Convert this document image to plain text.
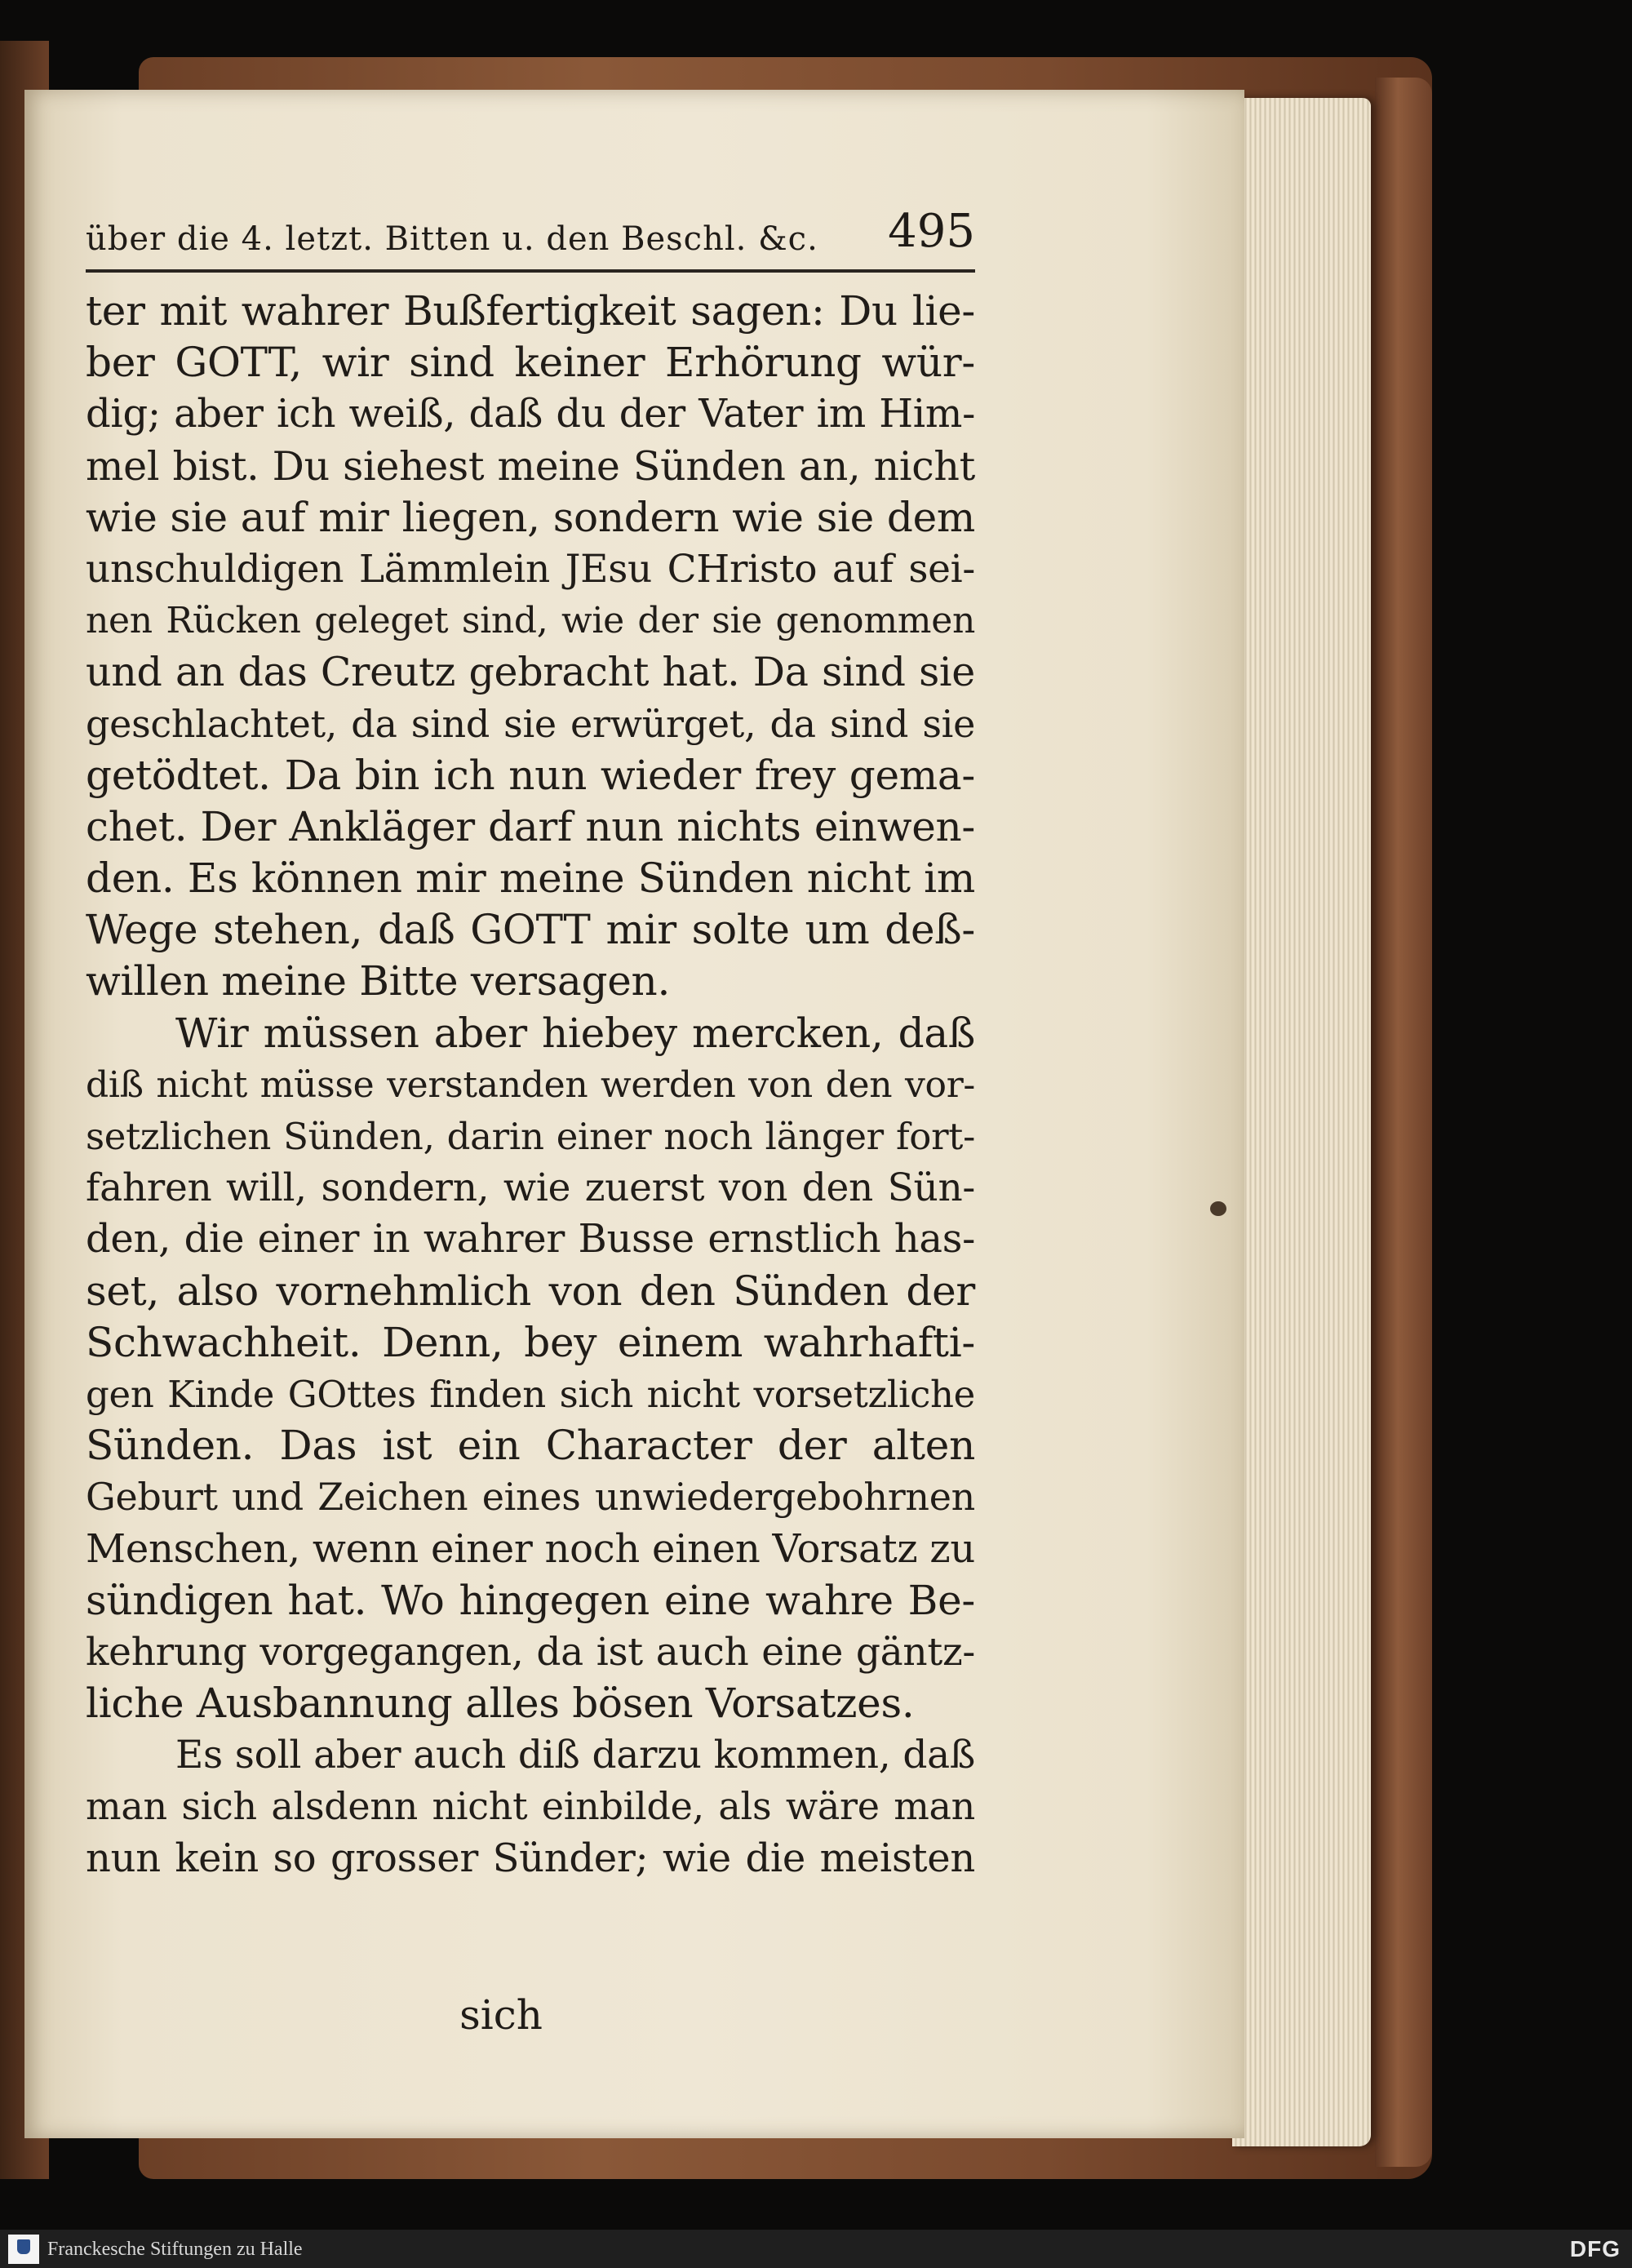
über die 4. letzt. Bitten u. den Beschl. &c. 495
ter mit wahrer Bußfertigkeit sagen: Du lie-
ber GOTT, wir sind keiner Erhörung wür-
dig; aber ich weiß, daß du der Vater im Him-
mel bist. Du siehest meine Sünden an, nicht
wie sie auf mir liegen, sondern wie sie dem
unschuldigen Lämmlein JEsu CHristo auf sei-
nen Rücken geleget sind, wie der sie genommen
und an das Creutz gebracht hat. Da sind sie
geschlachtet, da sind sie erwürget, da sind sie
getödtet. Da bin ich nun wieder frey gema-
chet. Der Ankläger darf nun nichts einwen-
den. Es können mir meine Sünden nicht im
Wege stehen, daß GOTT mir solte um deß-
willen meine Bitte versagen.
Wir müssen aber hiebey mercken, daß
diß nicht müsse verstanden werden von den vor-
setzlichen Sünden, darin einer noch länger fort-
fahren will, sondern, wie zuerst von den Sün-
den, die einer in wahrer Busse ernstlich has-
set, also vornehmlich von den Sünden der
Schwachheit. Denn, bey einem wahrhafti-
gen Kinde GOttes finden sich nicht vorsetzliche
Sünden. Das ist ein Character der alten
Geburt und Zeichen eines unwiedergebohrnen
Menschen, wenn einer noch einen Vorsatz zu
sündigen hat. Wo hingegen eine wahre Be-
kehrung vorgegangen, da ist auch eine gäntz-
liche Ausbannung alles bösen Vorsatzes.
Es soll aber auch diß darzu kommen, daß
man sich alsdenn nicht einbilde, als wäre man
nun kein so grosser Sünder; wie die meisten
sich
Franckesche Stiftungen zu Halle	DFG
